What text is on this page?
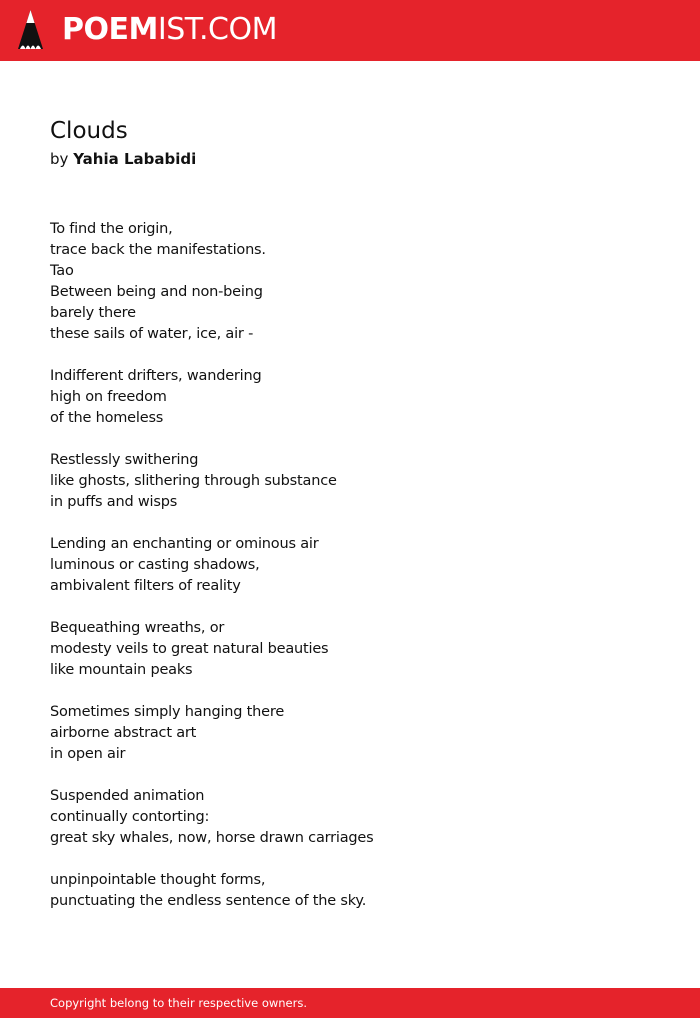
POEMIST.COM
Clouds
by Yahia Lababidi
To find the origin,
trace back the manifestations.
Tao
Between being and non-being
barely there
these sails of water, ice, air -
Indifferent drifters, wandering
high on freedom
of the homeless
Restlessly swithering
like ghosts, slithering through substance
in puffs and wisps
Lending an enchanting or ominous air
luminous or casting shadows,
ambivalent filters of reality
Bequeathing wreaths, or
modesty veils to great natural beauties
like mountain peaks
Sometimes simply hanging there
airborne abstract art
in open air
Suspended animation
continually contorting:
great sky whales, now, horse drawn carriages
unpinpointable thought forms,
punctuating the endless sentence of the sky.
Copyright belong to their respective owners.
